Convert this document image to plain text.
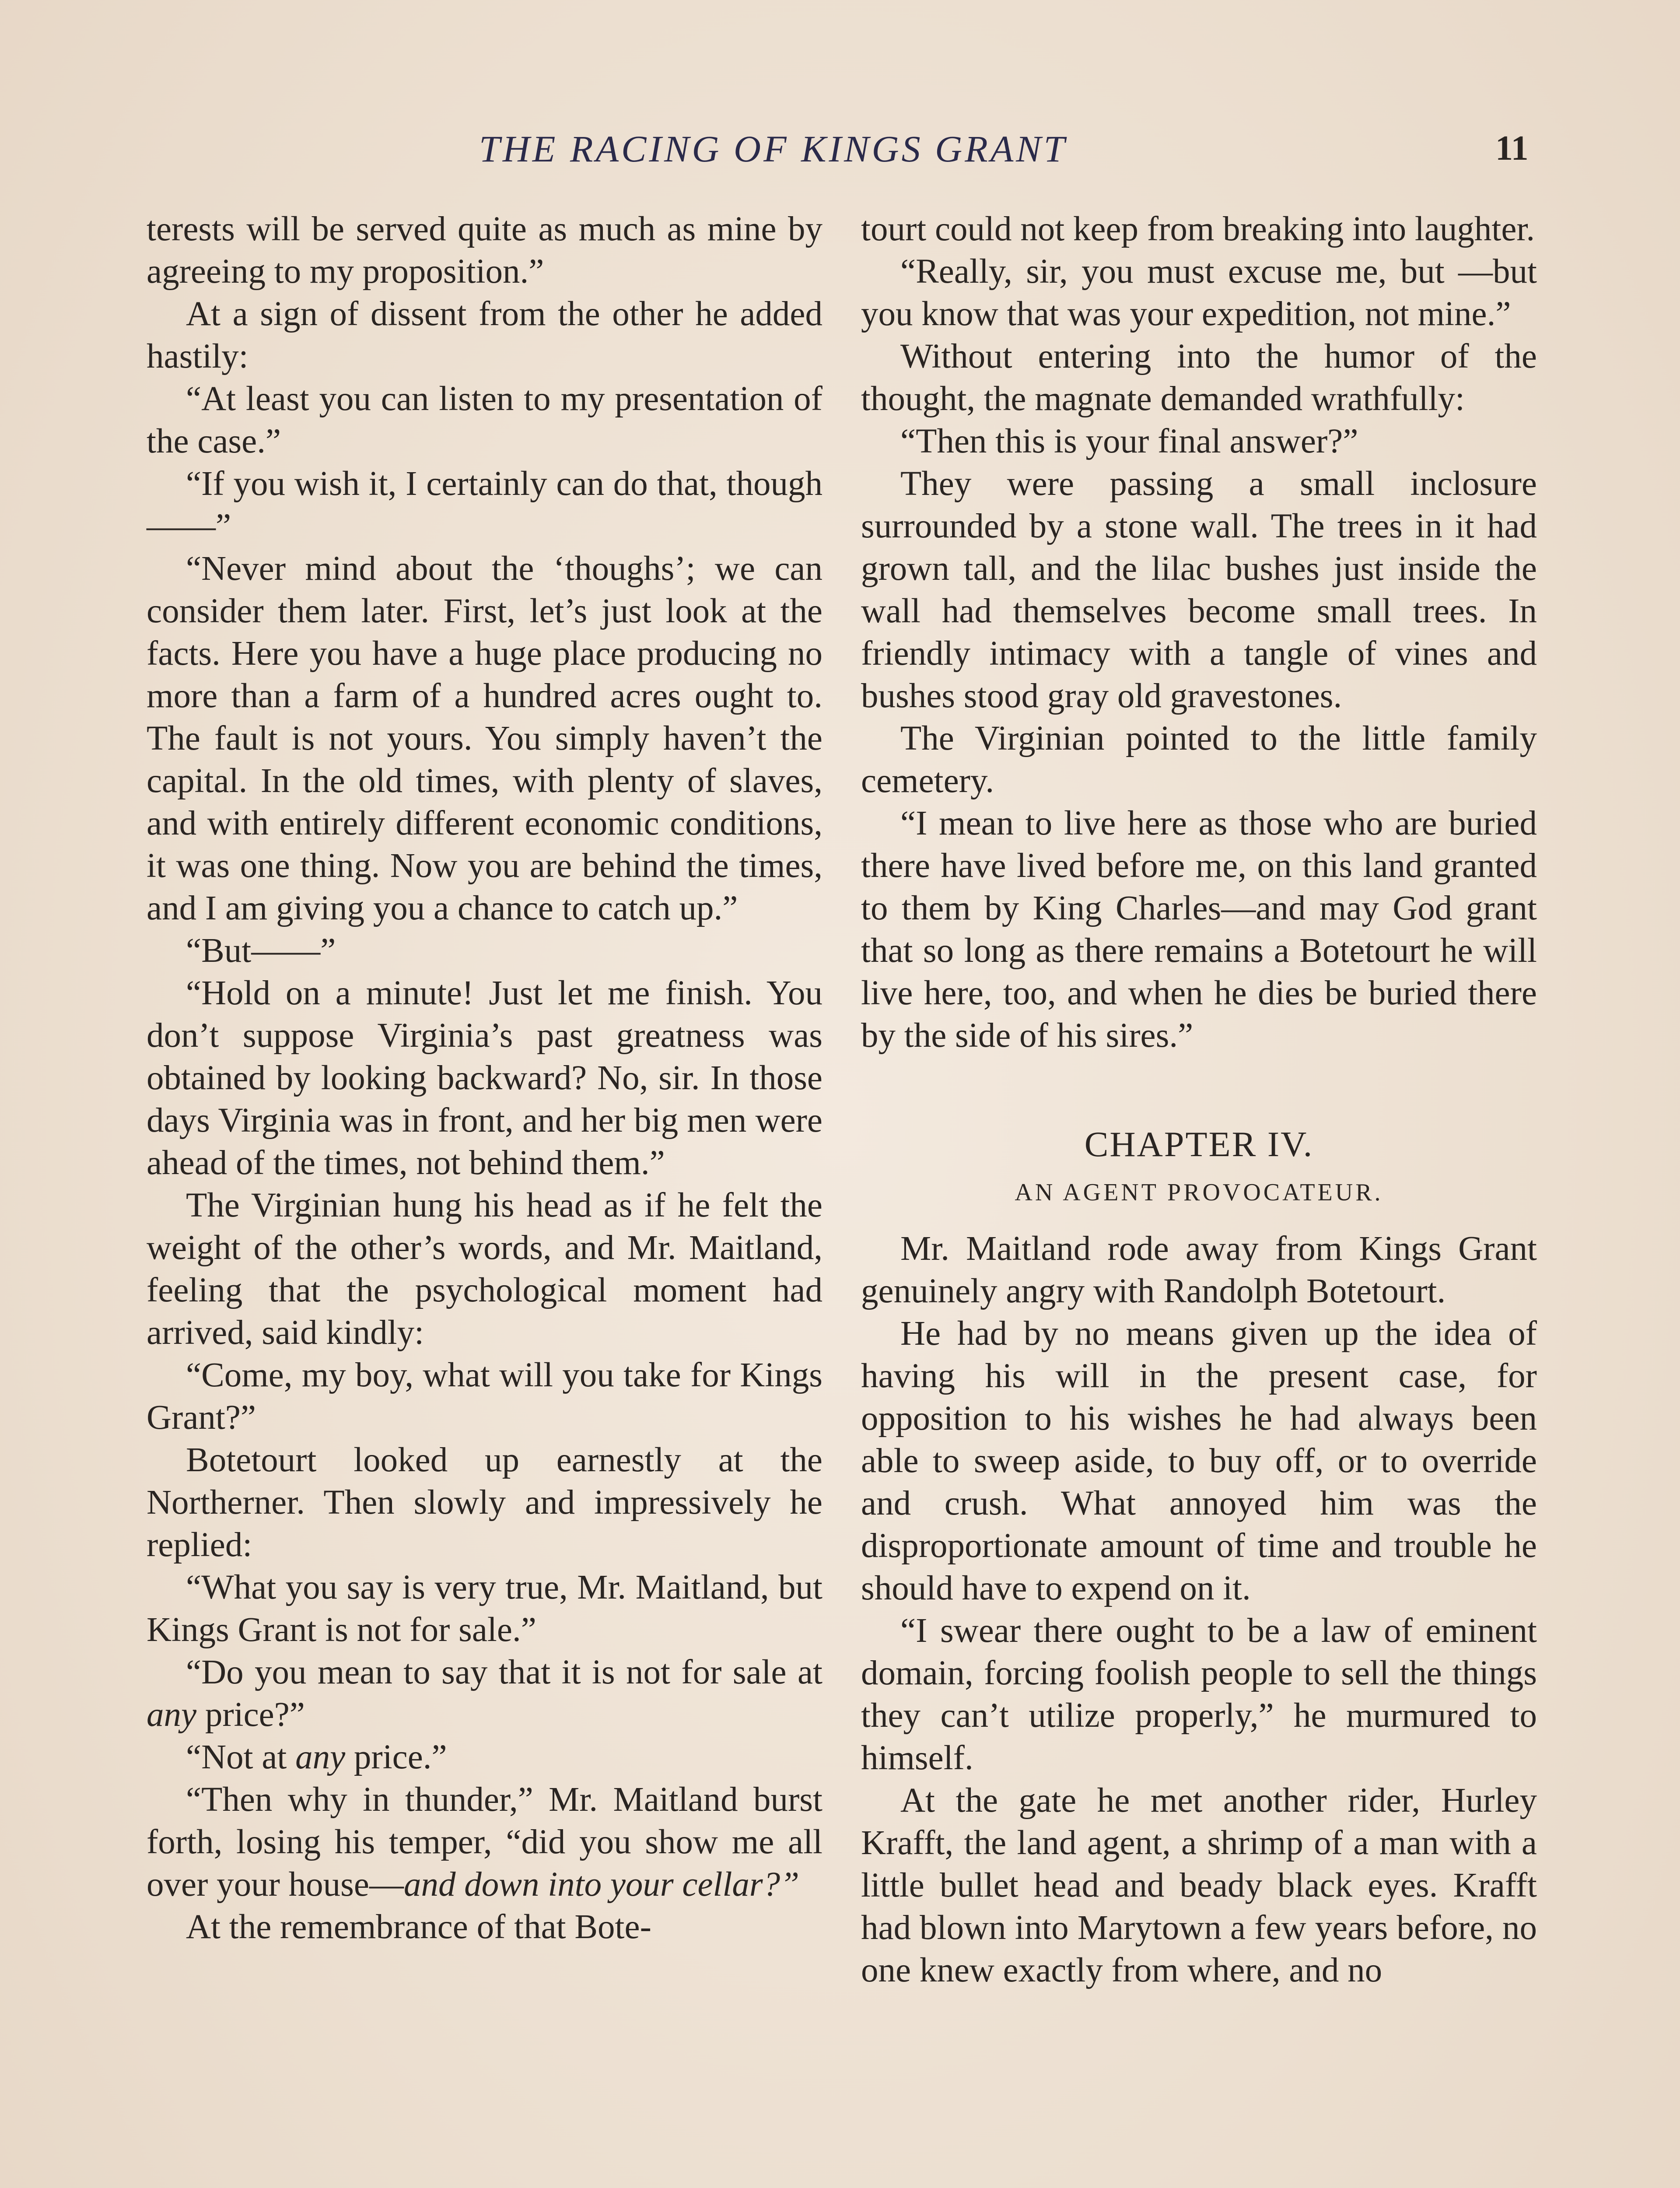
THE RACING OF KINGS GRANT	11

terests will be served quite as much as mine by agreeing to my proposition.”

At a sign of dissent from the other he added hastily:

“At least you can listen to my presentation of the case.”

“If you wish it, I certainly can do that, though——”

“Never mind about the ‘thoughs’; we can consider them later. First, let’s just look at the facts. Here you have a huge place producing no more than a farm of a hundred acres ought to. The fault is not yours. You simply haven’t the capital. In the old times, with plenty of slaves, and with entirely different economic conditions, it was one thing. Now you are behind the times, and I am giving you a chance to catch up.”

“But——”

“Hold on a minute! Just let me finish. You don’t suppose Virginia’s past greatness was obtained by looking backward? No, sir. In those days Virginia was in front, and her big men were ahead of the times, not behind them.”

The Virginian hung his head as if he felt the weight of the other’s words, and Mr. Maitland, feeling that the psychological moment had arrived, said kindly:

“Come, my boy, what will you take for Kings Grant?”

Botetourt looked up earnestly at the Northerner. Then slowly and impressively he replied:

“What you say is very true, Mr. Maitland, but Kings Grant is not for sale.”

“Do you mean to say that it is not for sale at any price?”

“Not at any price.”

“Then why in thunder,” Mr. Maitland burst forth, losing his temper, “did you show me all over your house—and down into your cellar?”

At the remembrance of that Bote-

tourt could not keep from breaking into laughter.

“Really, sir, you must excuse me, but —but you know that was your expedition, not mine.”

Without entering into the humor of the thought, the magnate demanded wrathfully:

“Then this is your final answer?”

They were passing a small inclosure surrounded by a stone wall. The trees in it had grown tall, and the lilac bushes just inside the wall had themselves become small trees. In friendly intimacy with a tangle of vines and bushes stood gray old gravestones.

The Virginian pointed to the little family cemetery.

“I mean to live here as those who are buried there have lived before me, on this land granted to them by King Charles—and may God grant that so long as there remains a Botetourt he will live here, too, and when he dies be buried there by the side of his sires.”

CHAPTER IV.
AN AGENT PROVOCATEUR.

Mr. Maitland rode away from Kings Grant genuinely angry with Randolph Botetourt.

He had by no means given up the idea of having his will in the present case, for opposition to his wishes he had always been able to sweep aside, to buy off, or to override and crush. What annoyed him was the disproportionate amount of time and trouble he should have to expend on it.

“I swear there ought to be a law of eminent domain, forcing foolish people to sell the things they can’t utilize properly,” he murmured to himself.

At the gate he met another rider, Hurley Krafft, the land agent, a shrimp of a man with a little bullet head and beady black eyes. Krafft had blown into Marytown a few years before, no one knew exactly from where, and no
